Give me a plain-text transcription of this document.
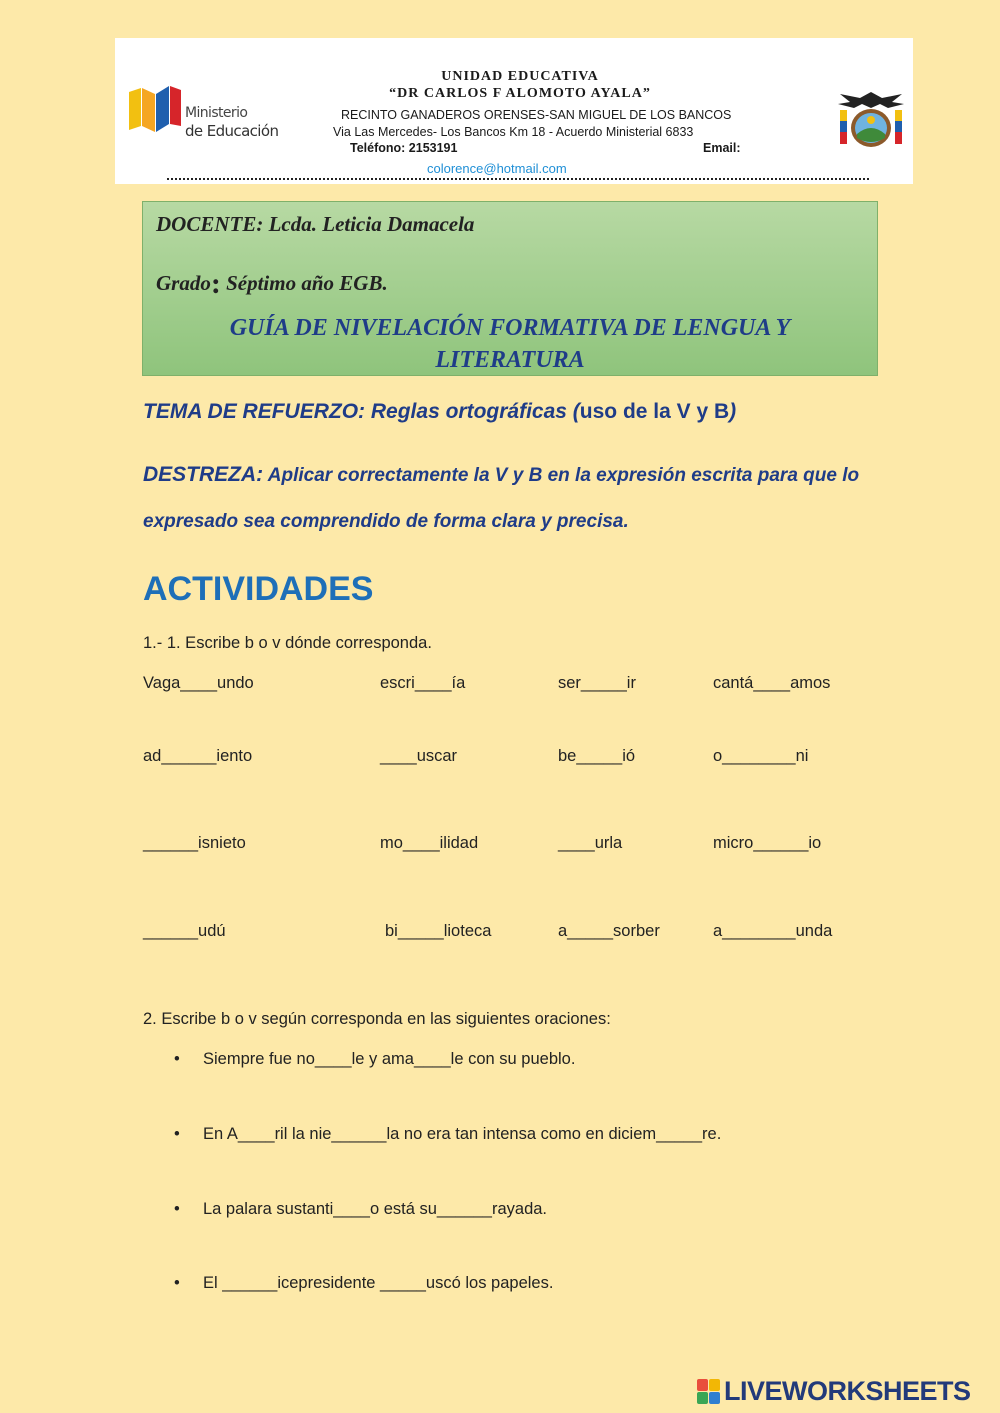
Ministerio
de Educación
UNIDAD EDUCATIVA
“DR CARLOS F ALOMOTO AYALA”
RECINTO GANADEROS ORENSES-SAN MIGUEL DE LOS BANCOS
Via Las Mercedes- Los Bancos Km 18 - Acuerdo Ministerial 6833
Teléfono: 2153191	Email:
colorence@hotmail.com
DOCENTE: Lcda. Leticia Damacela
Grado: Séptimo año EGB.
GUÍA DE NIVELACIÓN FORMATIVA DE LENGUA Y
LITERATURA
TEMA DE REFUERZO: Reglas ortográficas (uso de la V y B)
DESTREZA: Aplicar correctamente la V y B en la expresión escrita para que lo
expresado sea comprendido de forma clara y precisa.
ACTIVIDADES
1.- 1. Escribe b o v dónde corresponda.
Vaga____undo	escri____ía	ser_____ir	cantá____amos
ad______iento	____uscar	be_____ió	o________ni
______isnieto	mo____ilidad	____urla	micro______io
______udú	bi_____lioteca	a_____sorber	a________unda
2. Escribe b o v según corresponda en las siguientes oraciones:
• Siempre fue no____le y ama____le con su pueblo.
• En A____ril la nie______la no era tan intensa como en diciem_____re.
• La palara sustanti____o está su______rayada.
• El ______icepresidente _____uscó los papeles.
LIVEWORKSHEETS
